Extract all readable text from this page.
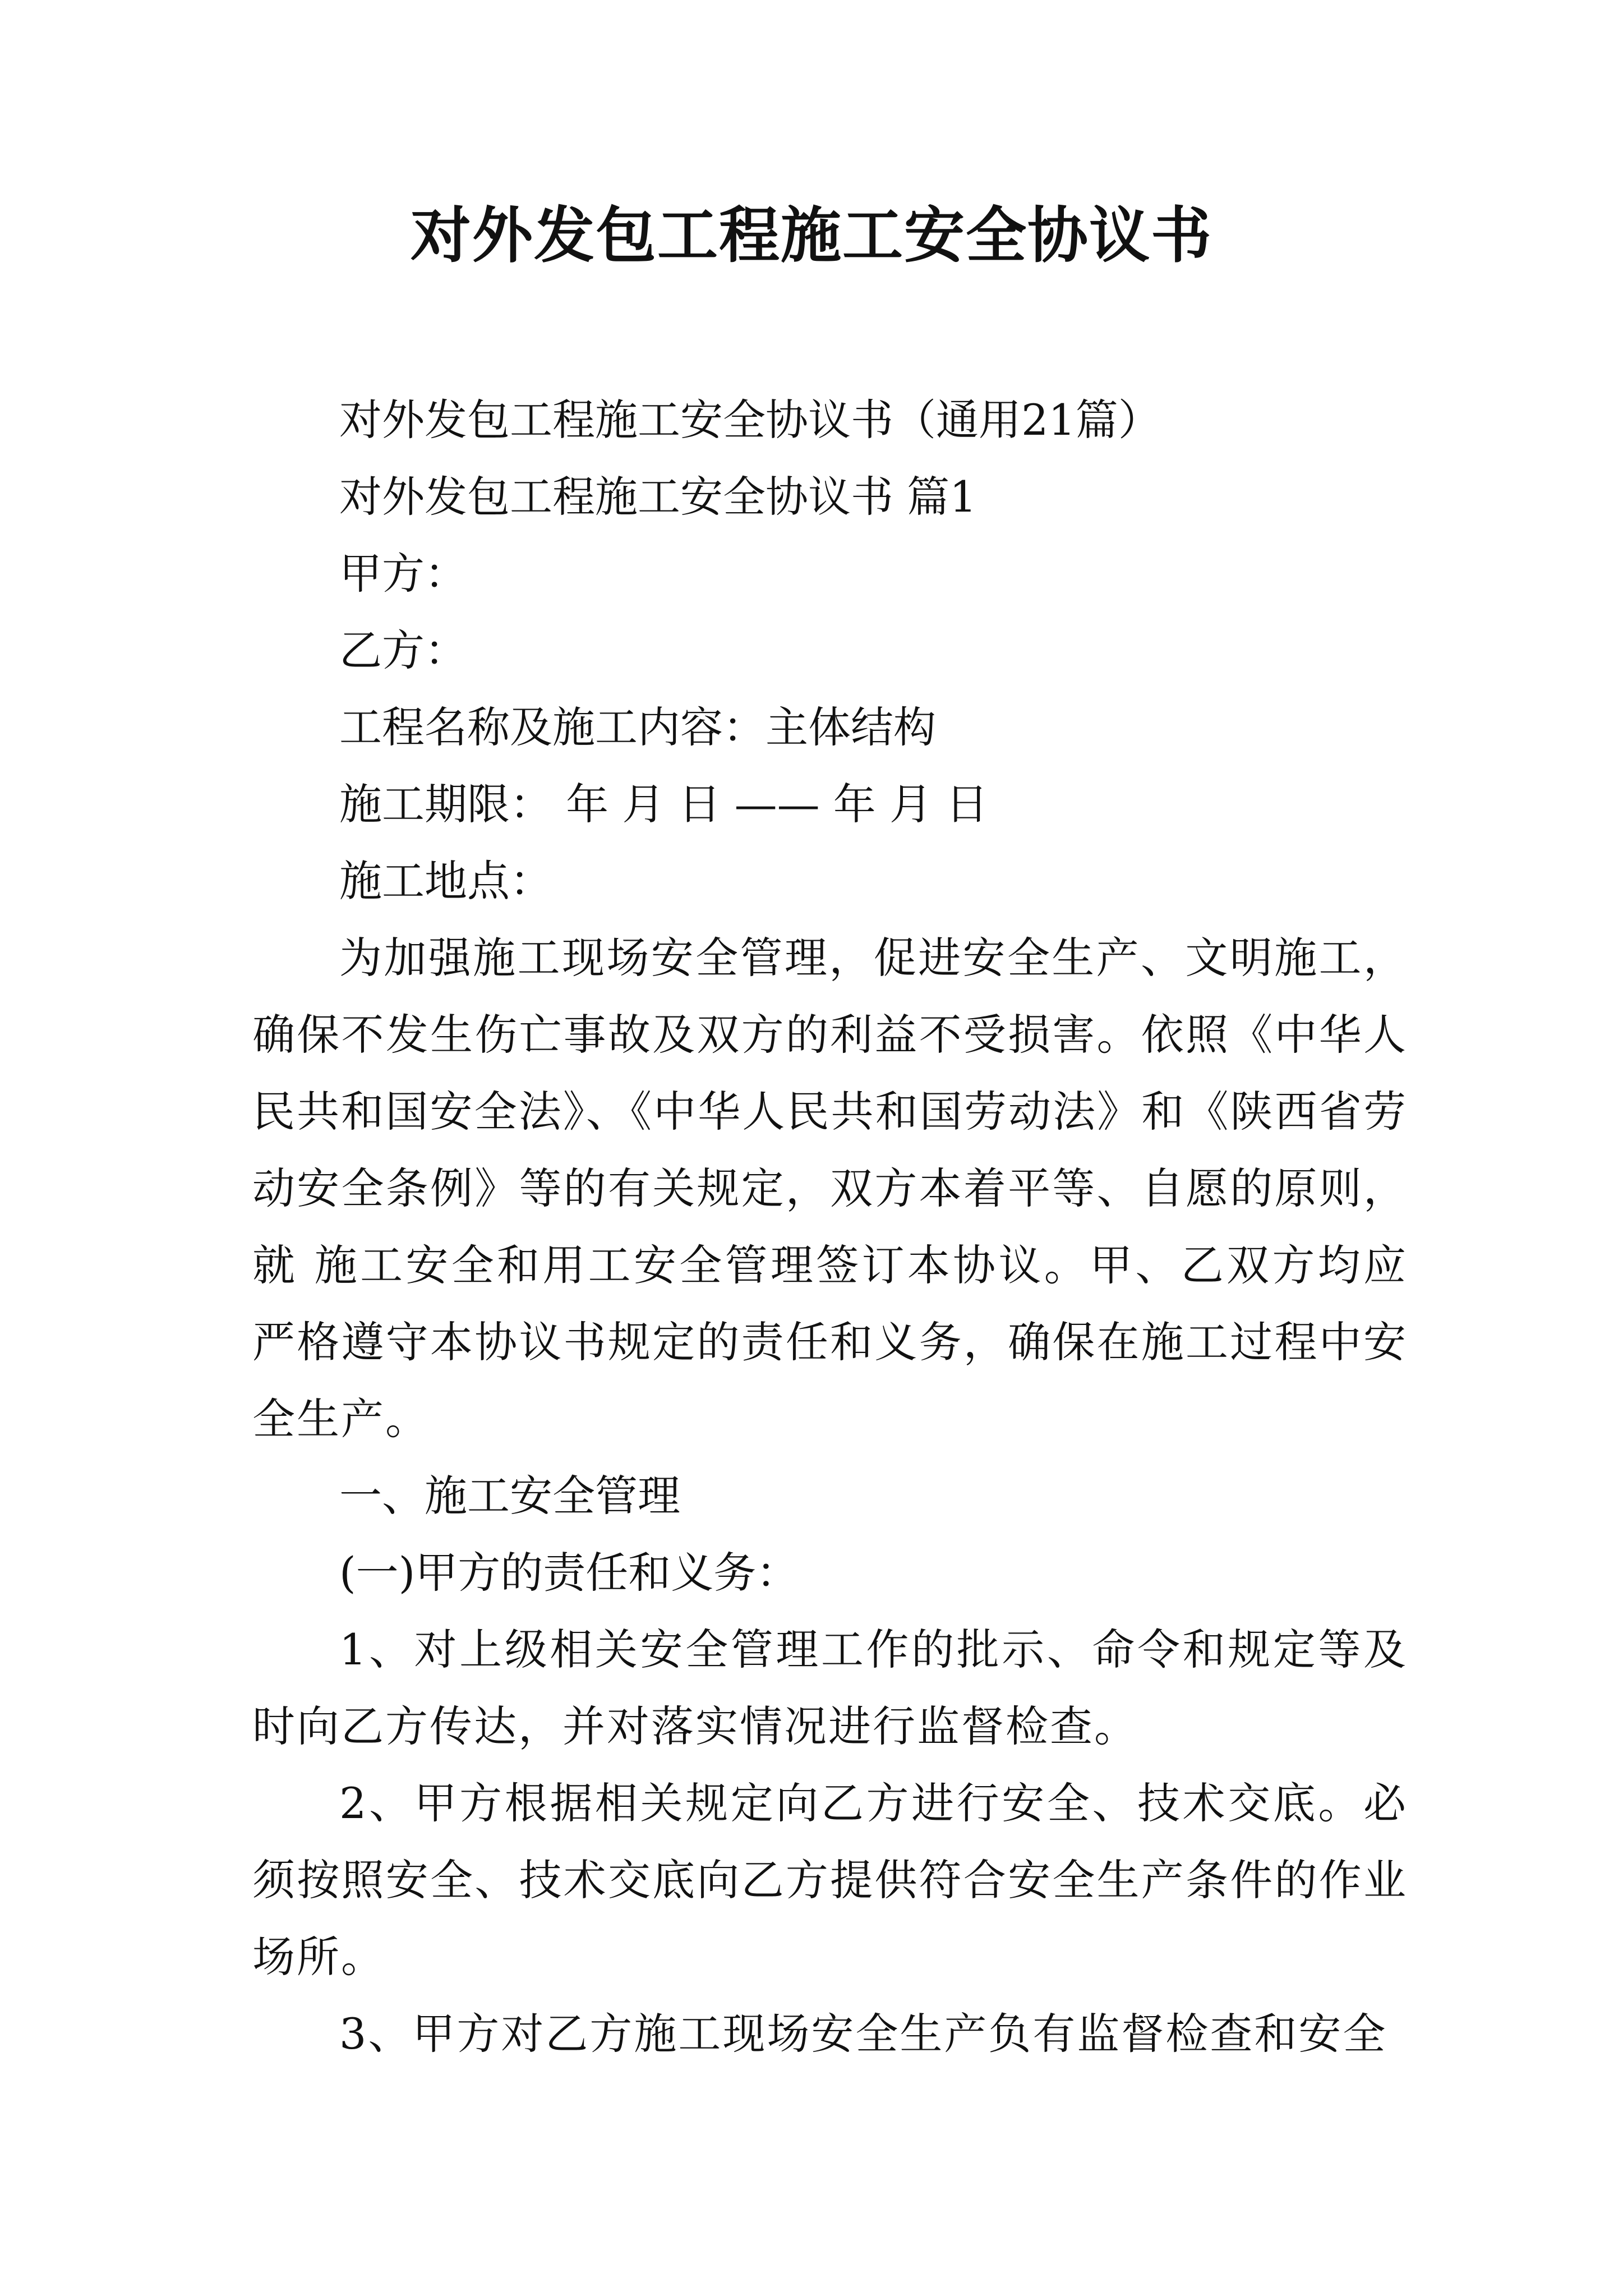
对外发包工程施工安全协议书

对外发包工程施工安全协议书（通用21篇）

对外发包工程施工安全协议书 篇1

甲方：

乙方：

工程名称及施工内容：主体结构

施工期限： 年 月 日 —— 年 月 日

施工地点：

为加强施工现场安全管理，促进安全生产、文明施工，确保不发生伤亡事故及双方的利益不受损害。依照《中华人民共和国安全法》、《中华人民共和国劳动法》和《陕西省劳动安全条例》等的有关规定，双方本着平等、自愿的原则，就 施工安全和用工安全管理签订本协议。甲、乙双方均应严格遵守本协议书规定的责任和义务，确保在施工过程中安全生产。

一、施工安全管理

(一)甲方的责任和义务：

1、对上级相关安全管理工作的批示、命令和规定等及时向乙方传达，并对落实情况进行监督检查。

2、甲方根据相关规定向乙方进行安全、技术交底。必须按照安全、技术交底向乙方提供符合安全生产条件的作业场所。

3、甲方对乙方施工现场安全生产负有监督检查和安全
